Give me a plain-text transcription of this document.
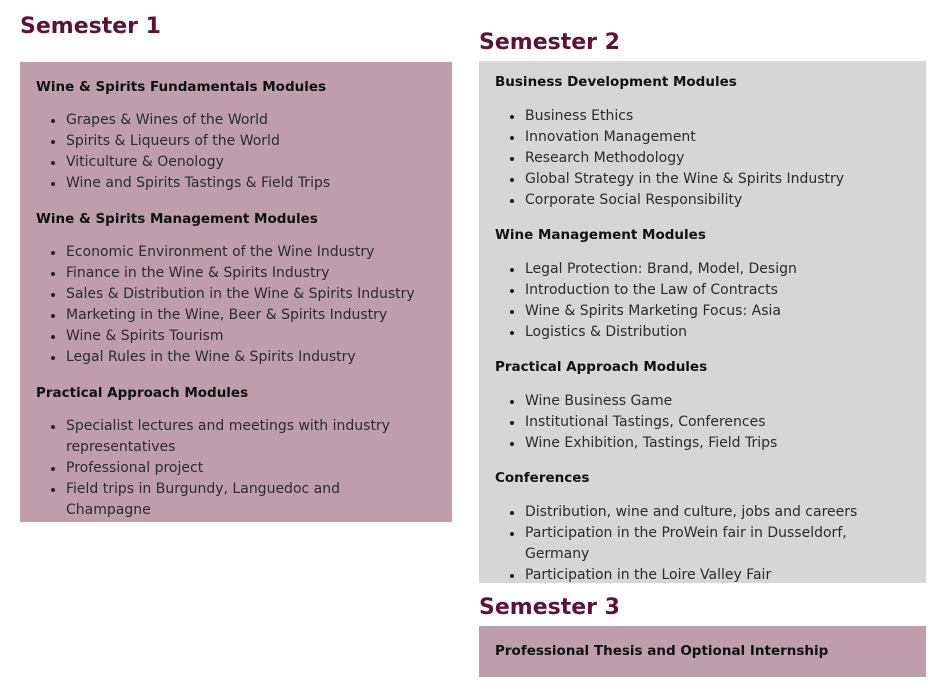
Semester 1
Wine & Spirits Fundamentals Modules
Grapes & Wines of the World
Spirits & Liqueurs of the World
Viticulture & Oenology
Wine and Spirits Tastings & Field Trips
Wine & Spirits Management Modules
Economic Environment of the Wine Industry
Finance in the Wine & Spirits Industry
Sales & Distribution in the Wine & Spirits Industry
Marketing in the Wine, Beer & Spirits Industry
Wine & Spirits Tourism
Legal Rules in the Wine & Spirits Industry
Practical Approach Modules
Specialist lectures and meetings with industry representatives
Professional project
Field trips in Burgundy, Languedoc and Champagne
Semester 2
Business Development Modules
Business Ethics
Innovation Management
Research Methodology
Global Strategy in the Wine & Spirits Industry
Corporate Social Responsibility
Wine Management Modules
Legal Protection: Brand, Model, Design
Introduction to the Law of Contracts
Wine & Spirits Marketing Focus: Asia
Logistics & Distribution
Practical Approach Modules
Wine Business Game
Institutional Tastings, Conferences
Wine Exhibition, Tastings, Field Trips
Conferences
Distribution, wine and culture, jobs and careers
Participation in the ProWein fair in Dusseldorf, Germany
Participation in the Loire Valley Fair
Semester 3
Professional Thesis and Optional Internship
